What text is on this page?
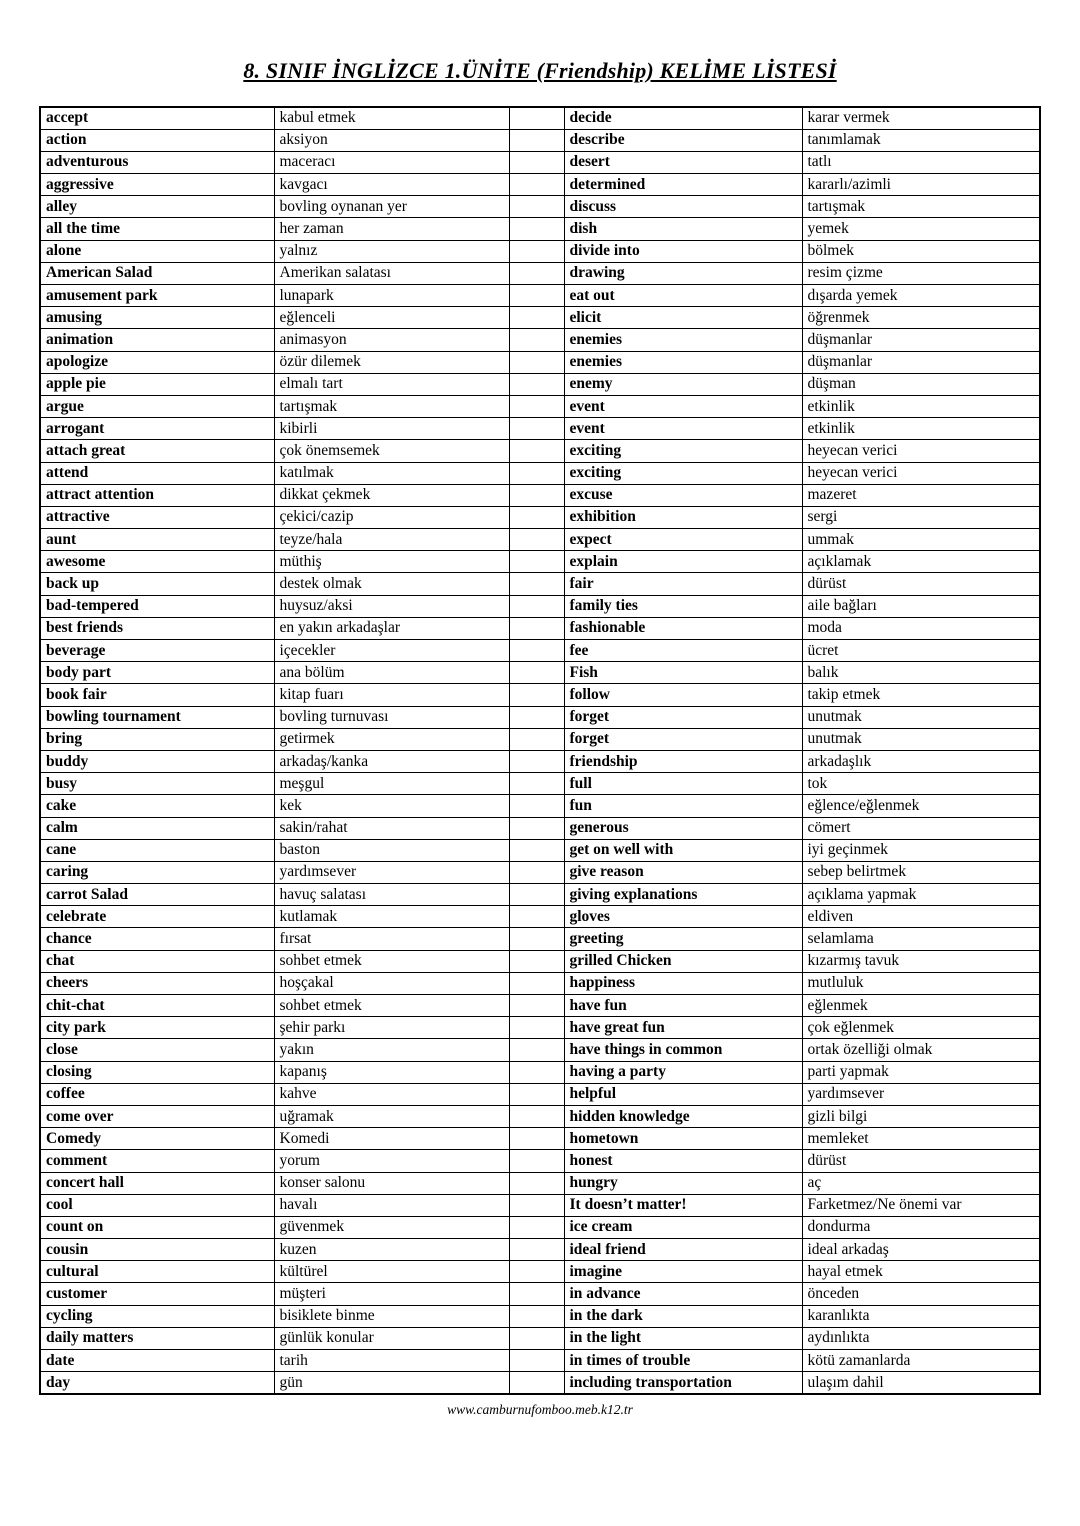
8. SINIF İNGLİZCE 1.ÜNİTE (Friendship) KELİME LİSTESİ
accept	kabul etmek		decide	karar vermek
action	aksiyon		describe	tanımlamak
adventurous	maceracı		desert	tatlı
aggressive	kavgacı		determined	kararlı/azimli
alley	bovling oynanan yer		discuss	tartışmak
all the time	her zaman		dish	yemek
alone	yalnız		divide into	bölmek
American Salad	Amerikan salatası		drawing	resim çizme
amusement park	lunapark		eat out	dışarda yemek
amusing	eğlenceli		elicit	öğrenmek
animation	animasyon		enemies	düşmanlar
apologize	özür dilemek		enemies	düşmanlar
apple pie	elmalı tart		enemy	düşman
argue	tartışmak		event	etkinlik
arrogant	kibirli		event	etkinlik
attach great	çok önemsemek		exciting	heyecan verici
attend	katılmak		exciting	heyecan verici
attract attention	dikkat çekmek		excuse	mazeret
attractive	çekici/cazip		exhibition	sergi
aunt	teyze/hala		expect	ummak
awesome	müthiş		explain	açıklamak
back up	destek olmak		fair	dürüst
bad-tempered	huysuz/aksi		family ties	aile bağları
best friends	en yakın arkadaşlar		fashionable	moda
beverage	içecekler		fee	ücret
body part	ana bölüm		Fish	balık
book fair	kitap fuarı		follow	takip etmek
bowling tournament	bovling turnuvası		forget	unutmak
bring	getirmek		forget	unutmak
buddy	arkadaş/kanka		friendship	arkadaşlık
busy	meşgul		full	tok
cake	kek		fun	eğlence/eğlenmek
calm	sakin/rahat		generous	cömert
cane	baston		get on well with	iyi geçinmek
caring	yardımsever		give reason	sebep belirtmek
carrot Salad	havuç salatası		giving explanations	açıklama yapmak
celebrate	kutlamak		gloves	eldiven
chance	fırsat		greeting	selamlama
chat	sohbet etmek		grilled Chicken	kızarmış tavuk
cheers	hoşçakal		happiness	mutluluk
chit-chat	sohbet etmek		have fun	eğlenmek
city park	şehir parkı		have great fun	çok eğlenmek
close	yakın		have things in common	ortak özelliği olmak
closing	kapanış		having a party	parti yapmak
coffee	kahve		helpful	yardımsever
come over	uğramak		hidden knowledge	gizli bilgi
Comedy	Komedi		hometown	memleket
comment	yorum		honest	dürüst
concert hall	konser salonu		hungry	aç
cool	havalı		It doesn’t matter!	Farketmez/Ne önemi var
count on	güvenmek		ice cream	dondurma
cousin	kuzen		ideal friend	ideal arkadaş
cultural	kültürel		imagine	hayal etmek
customer	müşteri		in advance	önceden
cycling	bisiklete binme		in the dark	karanlıkta
daily matters	günlük konular		in the light	aydınlıkta
date	tarih		in times of trouble	kötü zamanlarda
day	gün		including transportation	ulaşım dahil
www.camburnufomboo.meb.k12.tr
